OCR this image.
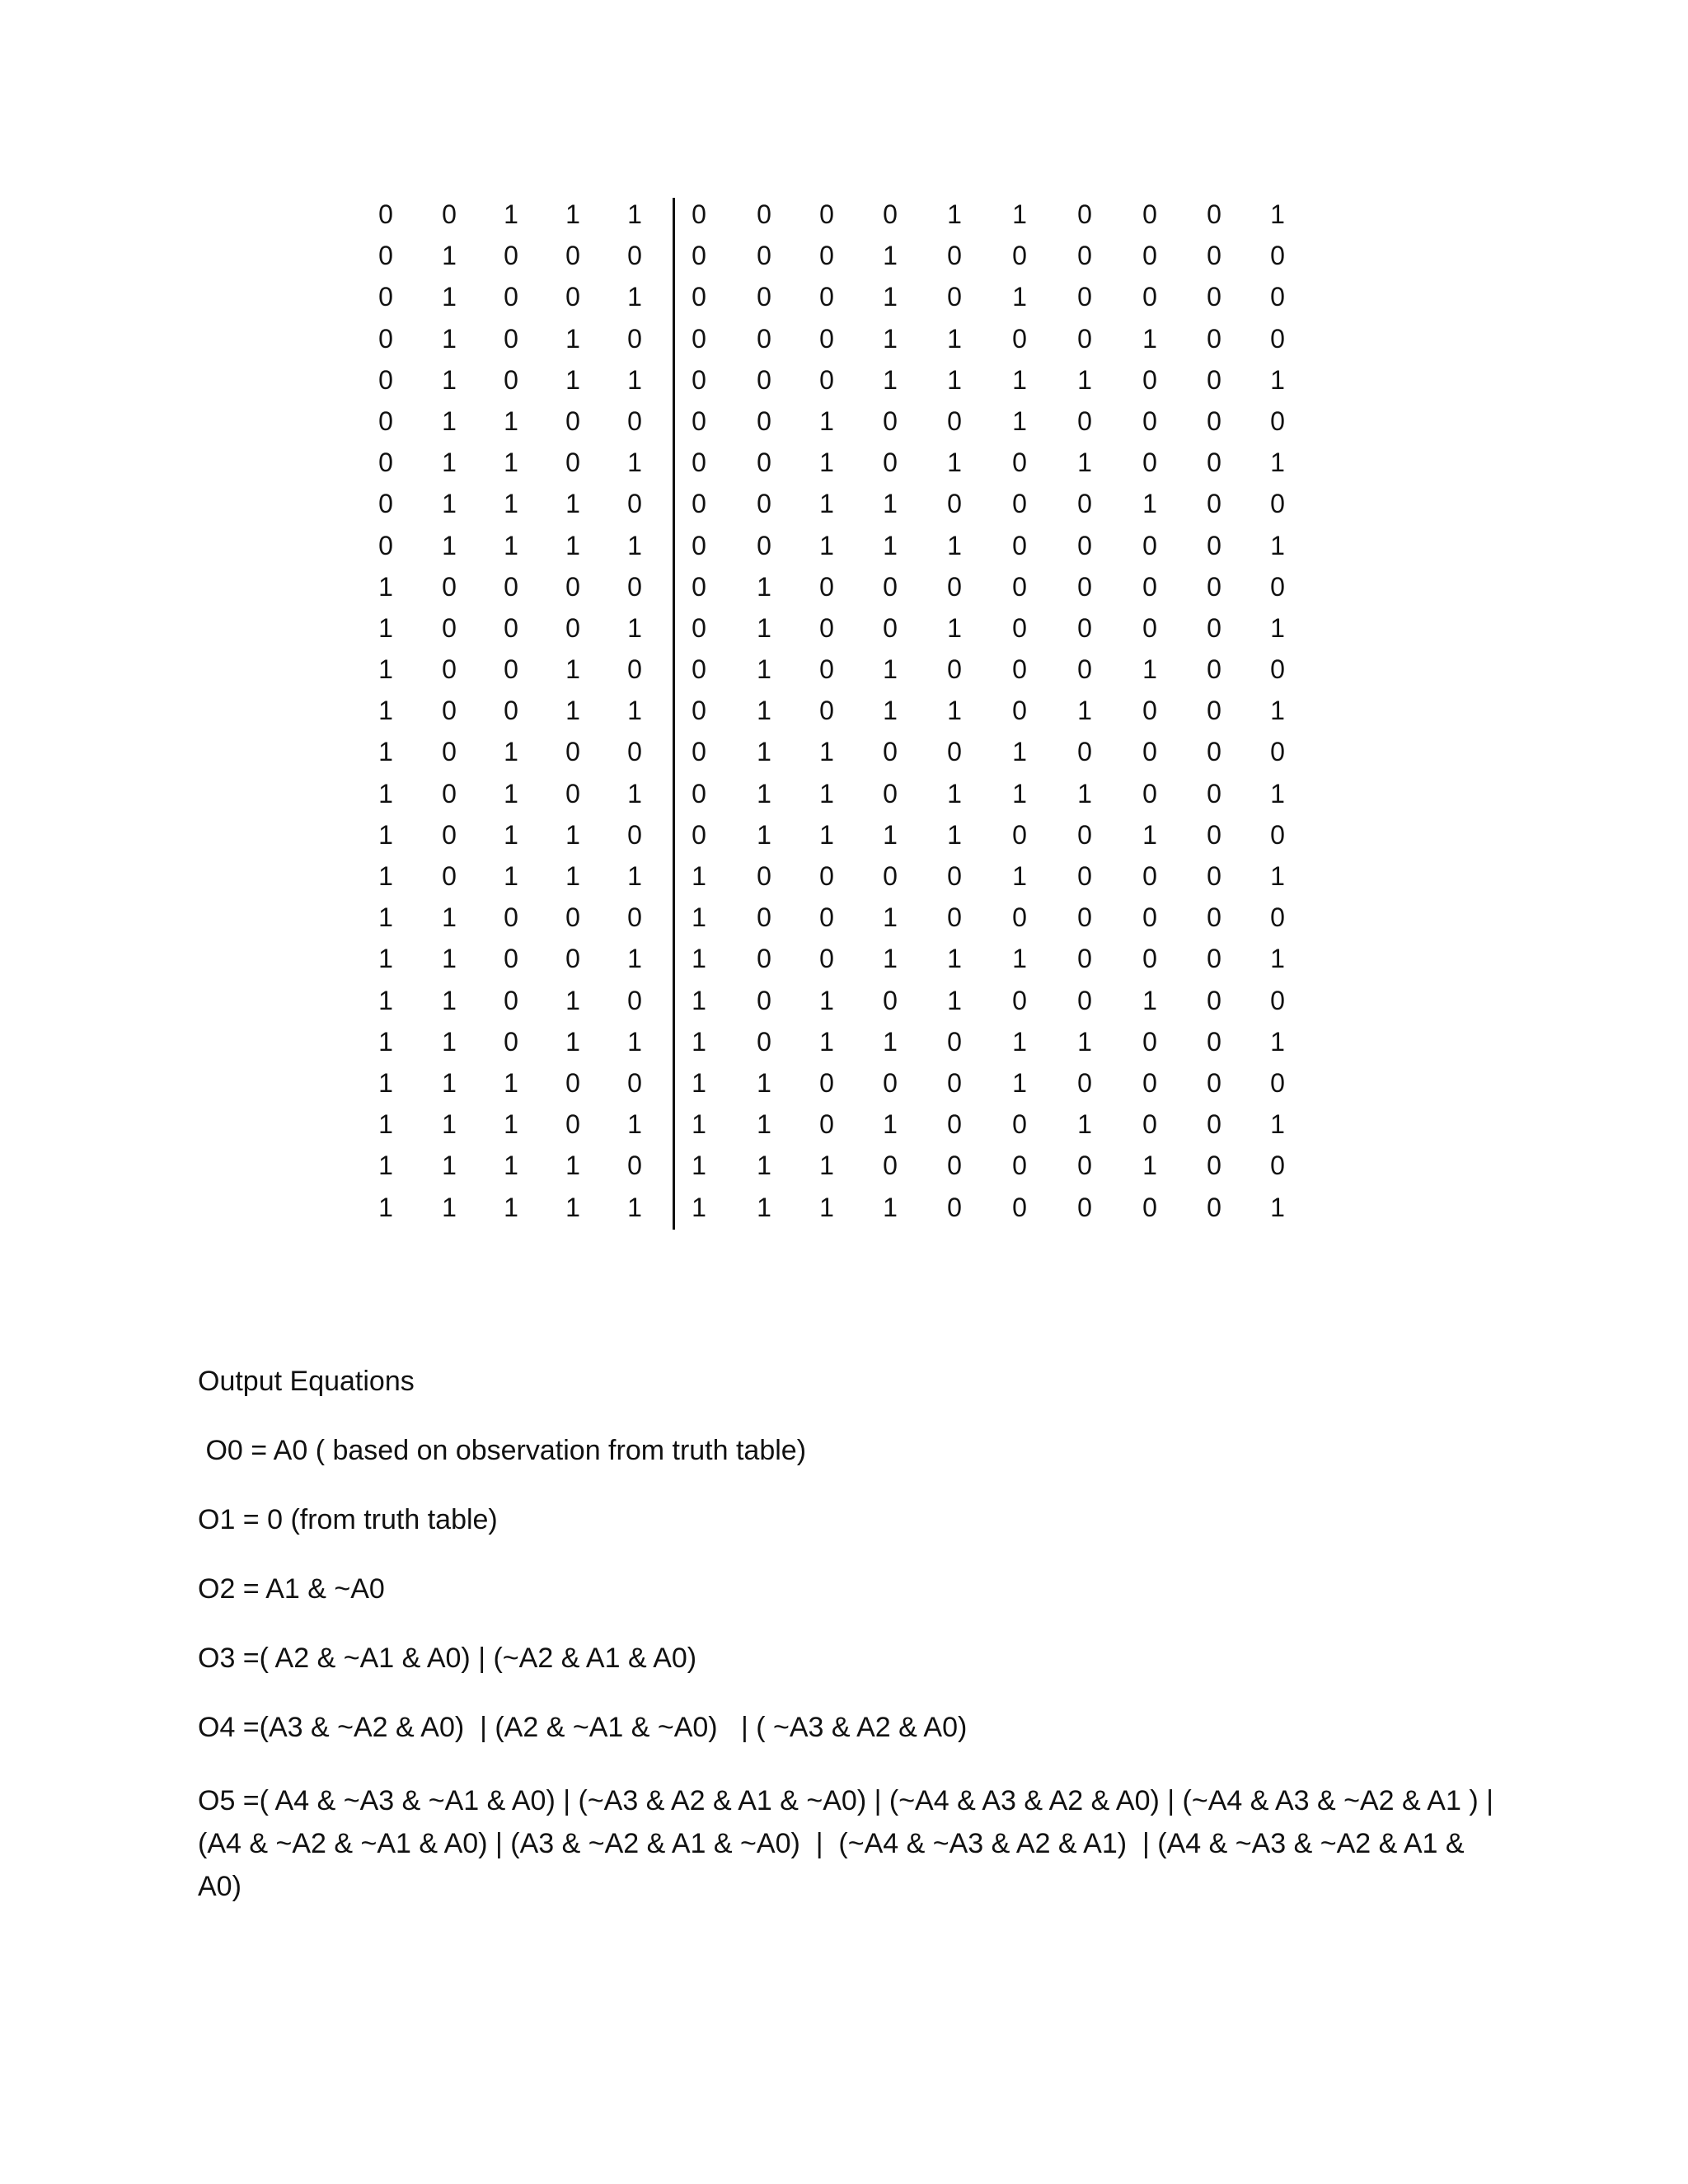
0	0	1	1	1	0	0	0	0	1	1	0	0	0	1
0	1	0	0	0	0	0	0	1	0	0	0	0	0	0
0	1	0	0	1	0	0	0	1	0	1	0	0	0	0
0	1	0	1	0	0	0	0	1	1	0	0	1	0	0
0	1	0	1	1	0	0	0	1	1	1	1	0	0	1
0	1	1	0	0	0	0	1	0	0	1	0	0	0	0
0	1	1	0	1	0	0	1	0	1	0	1	0	0	1
0	1	1	1	0	0	0	1	1	0	0	0	1	0	0
0	1	1	1	1	0	0	1	1	1	0	0	0	0	1
1	0	0	0	0	0	1	0	0	0	0	0	0	0	0
1	0	0	0	1	0	1	0	0	1	0	0	0	0	1
1	0	0	1	0	0	1	0	1	0	0	0	1	0	0
1	0	0	1	1	0	1	0	1	1	0	1	0	0	1
1	0	1	0	0	0	1	1	0	0	1	0	0	0	0
1	0	1	0	1	0	1	1	0	1	1	1	0	0	1
1	0	1	1	0	0	1	1	1	1	0	0	1	0	0
1	0	1	1	1	1	0	0	0	0	1	0	0	0	1
1	1	0	0	0	1	0	0	1	0	0	0	0	0	0
1	1	0	0	1	1	0	0	1	1	1	0	0	0	1
1	1	0	1	0	1	0	1	0	1	0	0	1	0	0
1	1	0	1	1	1	0	1	1	0	1	1	0	0	1
1	1	1	0	0	1	1	0	0	0	1	0	0	0	0
1	1	1	0	1	1	1	0	1	0	0	1	0	0	1
1	1	1	1	0	1	1	1	0	0	0	0	1	0	0
1	1	1	1	1	1	1	1	1	0	0	0	0	0	1

Output Equations

O0 = A0 ( based on observation from truth table)

O1 = 0 (from truth table)

O2 = A1 & ~A0

O3 =( A2 & ~A1 & A0) | (~A2 & A1 & A0)

O4 =(A3 & ~A2 & A0)  | (A2 & ~A1 & ~A0)   | ( ~A3 & A2 & A0)

O5 =( A4 & ~A3 & ~A1 & A0) | (~A3 & A2 & A1 & ~A0) | (~A4 & A3 & A2 & A0) | (~A4 & A3 & ~A2 & A1 ) |  (A4 & ~A2 & ~A1 & A0) | (A3 & ~A2 & A1 & ~A0)  |  (~A4 & ~A3 & A2 & A1)  | (A4 & ~A3 & ~A2 & A1 & A0)
